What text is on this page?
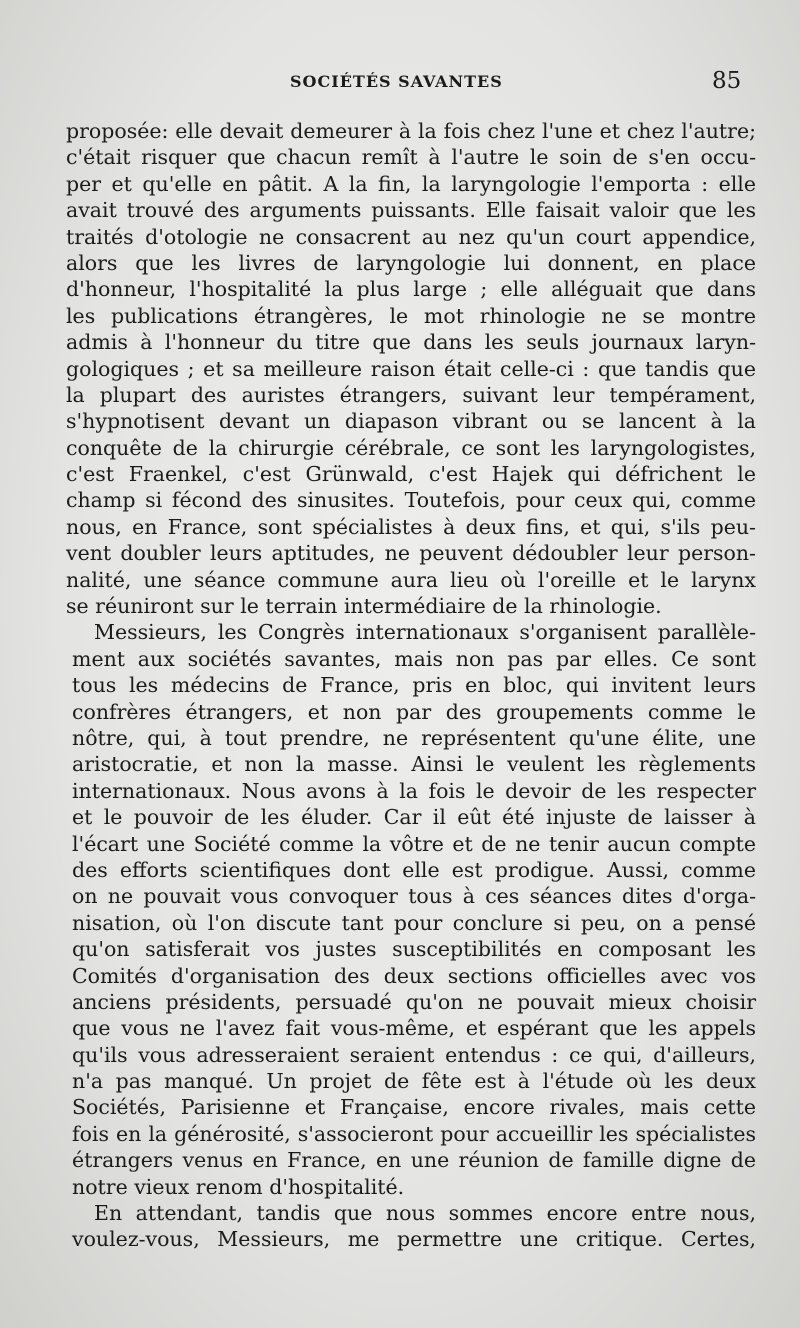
SOCIÉTÉS SAVANTES	85
proposée: elle devait demeurer à la fois chez l'une et chez l'autre;
c'était risquer que chacun remît à l'autre le soin de s'en occu-
per et qu'elle en pâtit. A la fin, la laryngologie l'emporta : elle
avait trouvé des arguments puissants. Elle faisait valoir que les
traités d'otologie ne consacrent au nez qu'un court appendice,
alors que les livres de laryngologie lui donnent, en place
d'honneur, l'hospitalité la plus large ; elle alléguait que dans
les publications étrangères, le mot rhinologie ne se montre
admis à l'honneur du titre que dans les seuls journaux laryn-
gologiques ; et sa meilleure raison était celle-ci : que tandis que
la plupart des auristes étrangers, suivant leur tempérament,
s'hypnotisent devant un diapason vibrant ou se lancent à la
conquête de la chirurgie cérébrale, ce sont les laryngologistes,
c'est Fraenkel, c'est Grünwald, c'est Hajek qui défrichent le
champ si fécond des sinusites. Toutefois, pour ceux qui, comme
nous, en France, sont spécialistes à deux fins, et qui, s'ils peu-
vent doubler leurs aptitudes, ne peuvent dédoubler leur person-
nalité, une séance commune aura lieu où l'oreille et le larynx
se réuniront sur le terrain intermédiaire de la rhinologie.
Messieurs, les Congrès internationaux s'organisent parallèle-
ment aux sociétés savantes, mais non pas par elles. Ce sont
tous les médecins de France, pris en bloc, qui invitent leurs
confrères étrangers, et non par des groupements comme le
nôtre, qui, à tout prendre, ne représentent qu'une élite, une
aristocratie, et non la masse. Ainsi le veulent les règlements
internationaux. Nous avons à la fois le devoir de les respecter
et le pouvoir de les éluder. Car il eût été injuste de laisser à
l'écart une Société comme la vôtre et de ne tenir aucun compte
des efforts scientifiques dont elle est prodigue. Aussi, comme
on ne pouvait vous convoquer tous à ces séances dites d'orga-
nisation, où l'on discute tant pour conclure si peu, on a pensé
qu'on satisferait vos justes susceptibilités en composant les
Comités d'organisation des deux sections officielles avec vos
anciens présidents, persuadé qu'on ne pouvait mieux choisir
que vous ne l'avez fait vous-même, et espérant que les appels
qu'ils vous adresseraient seraient entendus : ce qui, d'ailleurs,
n'a pas manqué. Un projet de fête est à l'étude où les deux
Sociétés, Parisienne et Française, encore rivales, mais cette
fois en la générosité, s'associeront pour accueillir les spécialistes
étrangers venus en France, en une réunion de famille digne de
notre vieux renom d'hospitalité.
En attendant, tandis que nous sommes encore entre nous,
voulez-vous, Messieurs, me permettre une critique. Certes,
